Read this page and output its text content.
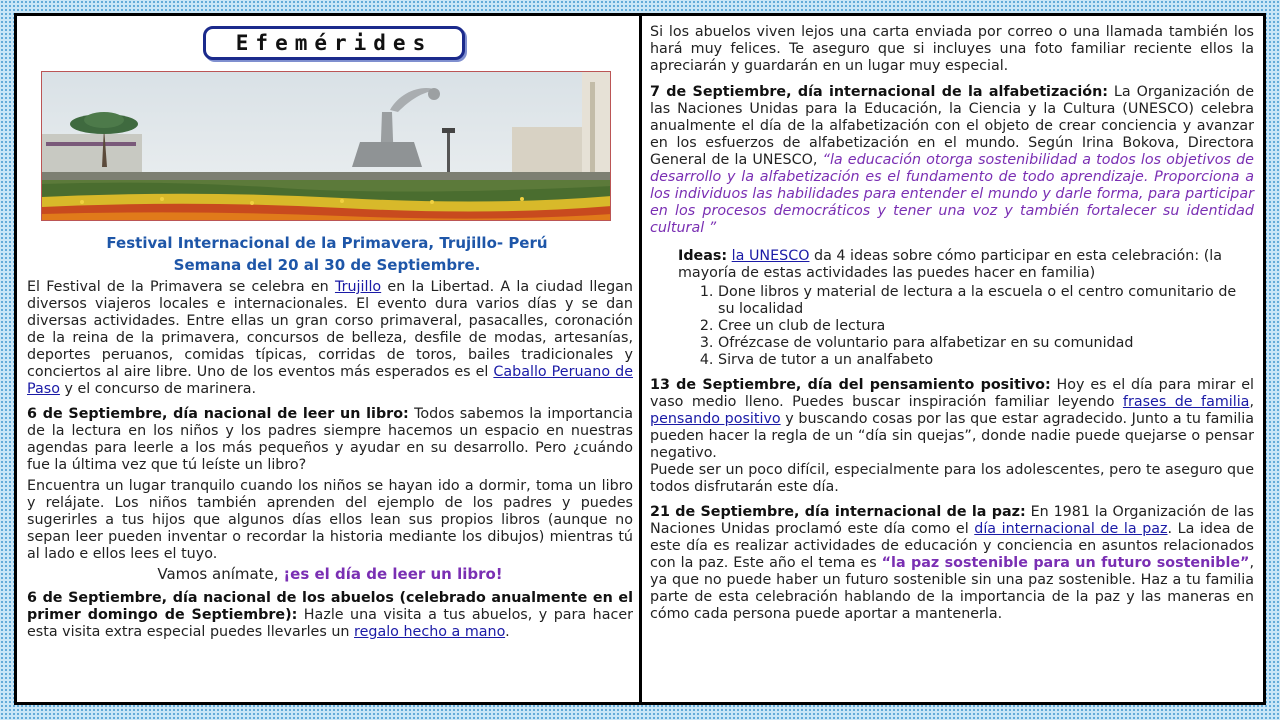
Efemérides
Festival Internacional de la Primavera, Trujillo- Perú
Semana del 20 al 30 de Septiembre.

El Festival de la Primavera se celebra en Trujillo en la Libertad. A la ciudad llegan diversos viajeros locales e internacionales. El evento dura varios días y se dan diversas actividades. Entre ellas un gran corso primaveral, pasacalles, coronación de la reina de la primavera, concursos de belleza, desfile de modas, artesanías, deportes peruanos, comidas típicas, corridas de toros, bailes tradicionales y conciertos al aire libre. Uno de los eventos más esperados es el Caballo Peruano de Paso y el concurso de marinera.

6 de Septiembre, día nacional de leer un libro: Todos sabemos la importancia de la lectura en los niños y los padres siempre hacemos un espacio en nuestras agendas para leerle a los más pequeños y ayudar en su desarrollo. Pero ¿cuándo fue la última vez que tú leíste un libro?

Encuentra un lugar tranquilo cuando los niños se hayan ido a dormir, toma un libro y relájate. Los niños también aprenden del ejemplo de los padres y puedes sugerirles a tus hijos que algunos días ellos lean sus propios libros (aunque no sepan leer pueden inventar o recordar la historia mediante los dibujos) mientras tú al lado e ellos lees el tuyo.

Vamos anímate, ¡es el día de leer un libro!

6 de Septiembre, día nacional de los abuelos (celebrado anualmente en el primer domingo de Septiembre): Hazle una visita a tus abuelos, y para hacer esta visita extra especial puedes llevarles un regalo hecho a mano.

Si los abuelos viven lejos una carta enviada por correo o una llamada también los hará muy felices. Te aseguro que si incluyes una foto familiar reciente ellos la apreciarán y guardarán en un lugar muy especial.

7 de Septiembre, día internacional de la alfabetización: La Organización de las Naciones Unidas para la Educación, la Ciencia y la Cultura (UNESCO) celebra anualmente el día de la alfabetización con el objeto de crear conciencia y avanzar en los esfuerzos de alfabetización en el mundo. Según Irina Bokova, Directora General de la UNESCO, “la educación otorga sostenibilidad a todos los objetivos de desarrollo y la alfabetización es el fundamento de todo aprendizaje. Proporciona a los individuos las habilidades para entender el mundo y darle forma, para participar en los procesos democráticos y tener una voz y también fortalecer su identidad cultural ”

Ideas: la UNESCO da 4 ideas sobre cómo participar en esta celebración: (la mayoría de estas actividades las puedes hacer en familia)

1. Done libros y material de lectura a la escuela o el centro comunitario de su localidad
2. Cree un club de lectura
3. Ofrézcase de voluntario para alfabetizar en su comunidad
4. Sirva de tutor a un analfabeto

13 de Septiembre, día del pensamiento positivo: Hoy es el día para mirar el vaso medio lleno. Puedes buscar inspiración familiar leyendo frases de familia, pensando positivo y buscando cosas por las que estar agradecido. Junto a tu familia pueden hacer la regla de un “día sin quejas”, donde nadie puede quejarse o pensar negativo.

Puede ser un poco difícil, especialmente para los adolescentes, pero te aseguro que todos disfrutarán este día.

21 de Septiembre, día internacional de la paz: En 1981 la Organización de las Naciones Unidas proclamó este día como el día internacional de la paz. La idea de este día es realizar actividades de educación y conciencia en asuntos relacionados con la paz. Este año el tema es “la paz sostenible para un futuro sostenible”, ya que no puede haber un futuro sostenible sin una paz sostenible. Haz a tu familia parte de esta celebración hablando de la importancia de la paz y las maneras en cómo cada persona puede aportar a mantenerla.
